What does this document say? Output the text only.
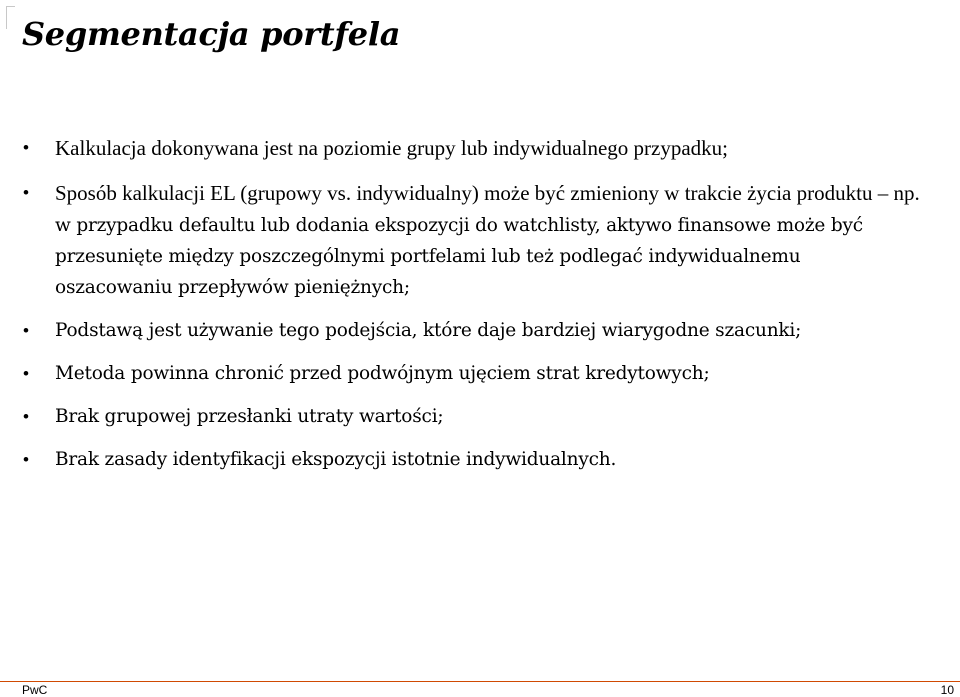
Segmentacja portfela
• Kalkulacja dokonywana jest na poziomie grupy lub indywidualnego przypadku;
• Sposób kalkulacji EL (grupowy vs. indywidualny) może być zmieniony w trakcie życia produktu – np. w przypadku defaultu lub dodania ekspozycji do watchlisty, aktywo finansowe może być przesunięte między poszczególnymi portfelami lub też podlegać indywidualnemu oszacowaniu przepływów pieniężnych;
• Podstawą jest używanie tego podejścia, które daje bardziej wiarygodne szacunki;
• Metoda powinna chronić przed podwójnym ujęciem strat kredytowych;
• Brak grupowej przesłanki utraty wartości;
• Brak zasady identyfikacji ekspozycji istotnie indywidualnych.
PwC	10
